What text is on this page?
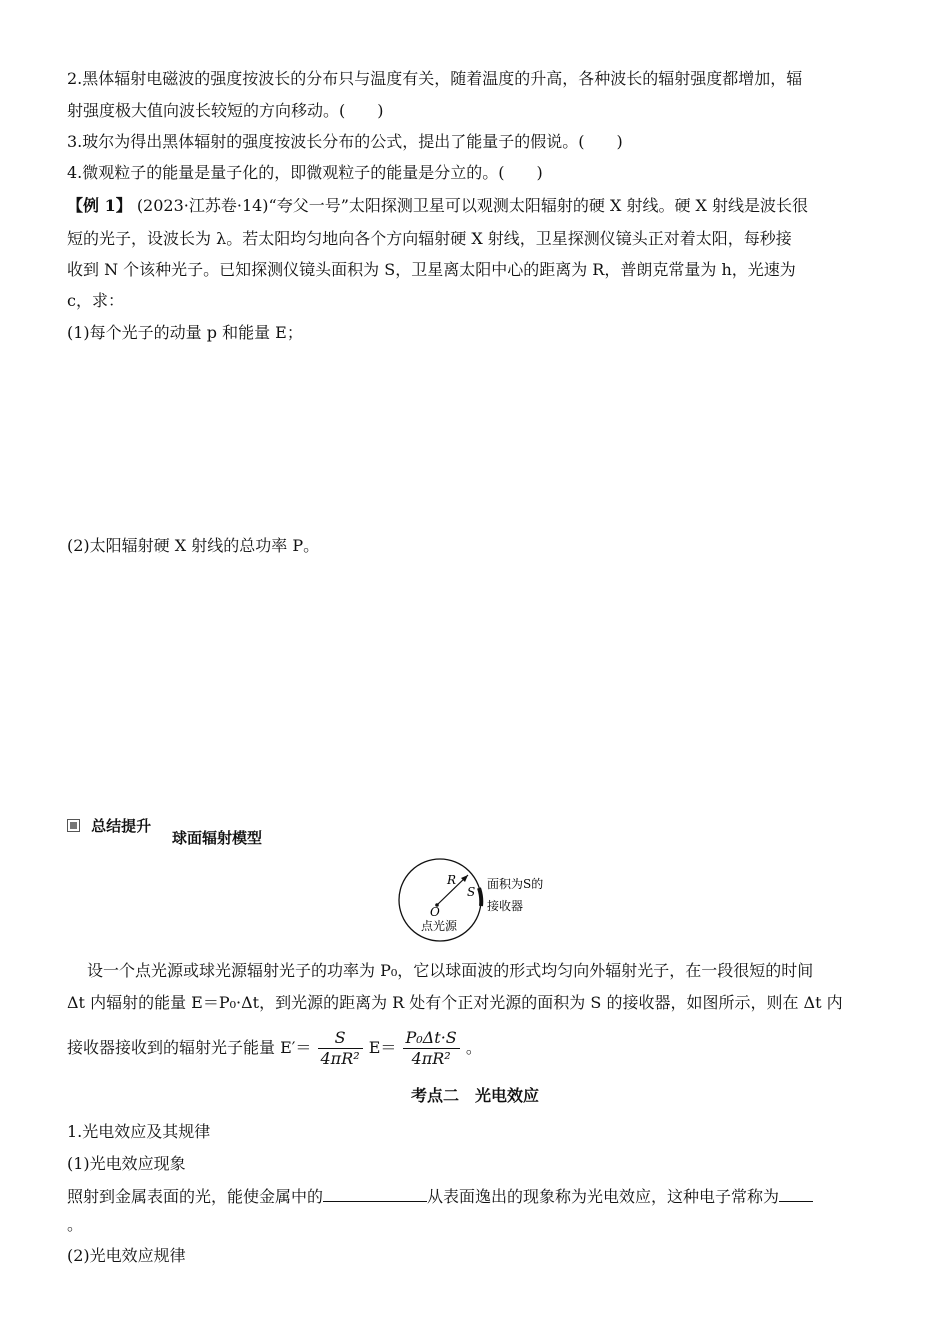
2.黑体辐射电磁波的强度按波长的分布只与温度有关，随着温度的升高，各种波长的辐射强度都增加，辐
射强度极大值向波长较短的方向移动。(　　)
3.玻尔为得出黑体辐射的强度按波长分布的公式，提出了能量子的假说。(　　)
4.微观粒子的能量是量子化的，即微观粒子的能量是分立的。(　　)
【例 1】 (2023·江苏卷·14)“夸父一号”太阳探测卫星可以观测太阳辐射的硬 X 射线。硬 X 射线是波长很
短的光子，设波长为 λ。若太阳均匀地向各个方向辐射硬 X 射线，卫星探测仪镜头正对着太阳，每秒接
收到 N 个该种光子。已知探测仪镜头面积为 S，卫星离太阳中心的距离为 R，普朗克常量为 h，光速为
c，求：
(1)每个光子的动量 p 和能量 E；
(2)太阳辐射硬 X 射线的总功率 P。
总结提升
球面辐射模型
R
S
O
点光源
面积为S的
接收器
设一个点光源或球光源辐射光子的功率为 P₀，它以球面波的形式均匀向外辐射光子，在一段很短的时间
Δt 内辐射的能量 E＝P₀·Δt，到光源的距离为 R 处有个正对光源的面积为 S 的接收器，如图所示，则在 Δt 内
接收器接收到的辐射光子能量 $E'= \frac{S}{\text{4πR²}} E= \frac{\text{P₀Δt·S}}{\text{4πR²}}$ 。
考点二　光电效应
1.光电效应及其规律
(1)光电效应现象
照射到金属表面的光，能使金属中的	从表面逸出的现象称为光电效应，这种电子常称为
。
(2)光电效应规律
